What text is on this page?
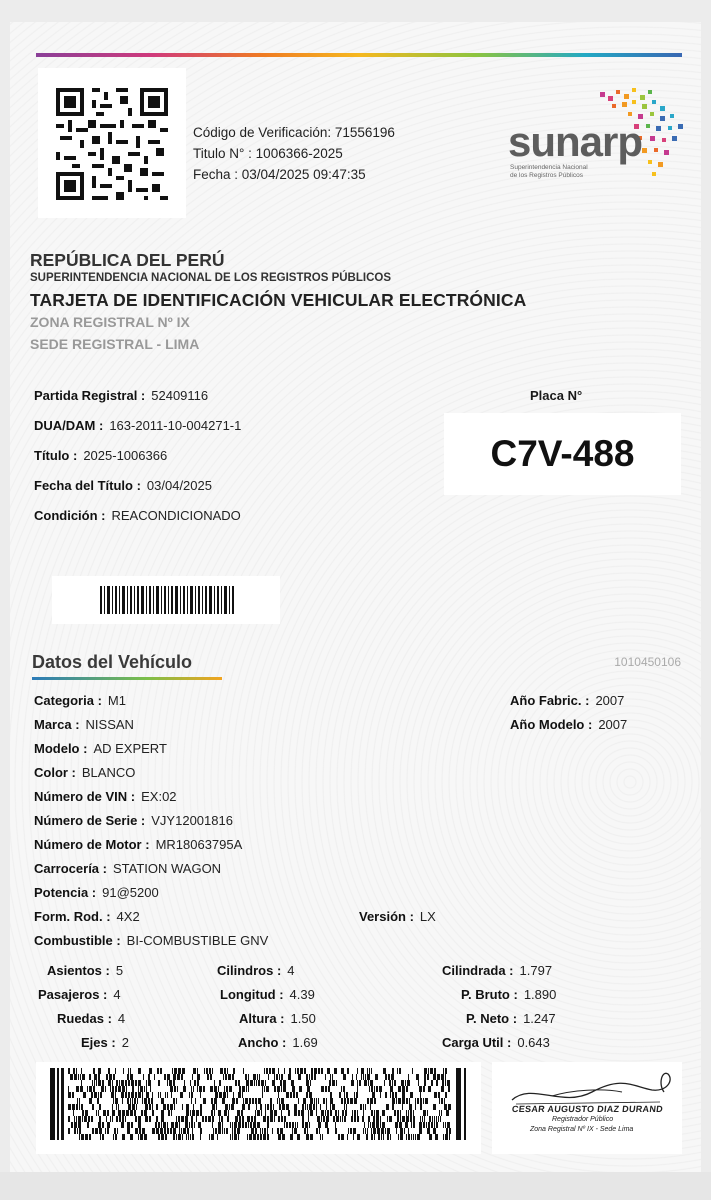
Código de Verificación: 71556196
Titulo N° : 1006366-2025
Fecha : 03/04/2025 09:47:35
sunarp
Superintendencia Nacional
de los Registros Públicos
REPÚBLICA DEL PERÚ
SUPERINTENDENCIA NACIONAL DE LOS REGISTROS PÚBLICOS
TARJETA DE IDENTIFICACIÓN VEHICULAR ELECTRÓNICA
ZONA REGISTRAL Nº IX
SEDE REGISTRAL - LIMA
Partida Registral : 52409116
DUA/DAM : 163-2011-10-004271-1
Título : 2025-1006366
Fecha del Título : 03/04/2025
Condición : REACONDICIONADO
Placa N°
C7V-488
Datos del Vehículo	1010450106
Categoria : M1
Marca : NISSAN
Modelo : AD EXPERT
Color : BLANCO
Número de VIN : EX:02
Número de Serie : VJY12001816
Número de Motor : MR18063795A
Carrocería : STATION WAGON
Potencia : 91@5200
Form. Rod. : 4X2	Versión : LX
Combustible : BI-COMBUSTIBLE GNV
Año Fabric. : 2007
Año Modelo : 2007
Asientos : 5
Pasajeros : 4
Ruedas : 4
Ejes : 2
Cilindros : 4
Longitud : 4.39
Altura : 1.50
Ancho : 1.69
Cilindrada : 1.797
P. Bruto : 1.890
P. Neto : 1.247
Carga Util : 0.643
CESAR AUGUSTO DIAZ DURAND
Registrador Público
Zona Registral Nº IX - Sede Lima
